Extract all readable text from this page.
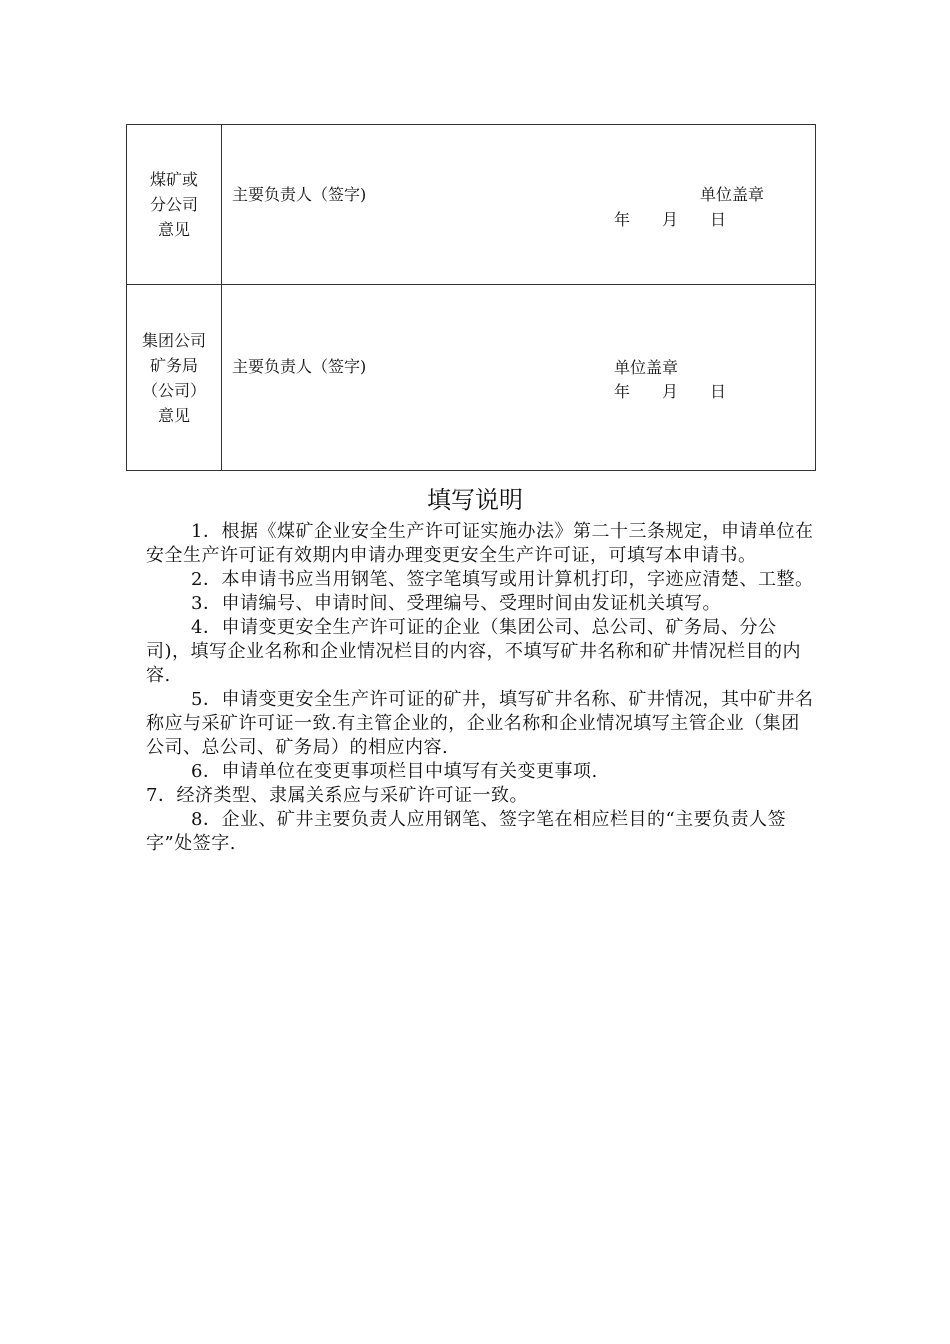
煤矿或
分公司
意见	主要负责人（签字) 单位盖章
年　　月　　日

集团公司
矿务局
（公司）
意见	主要负责人（签字) 单位盖章
年　　月　　日
填写说明

1．根据《煤矿企业安全生产许可证实施办法》第二十三条规定，申请单位在安全生产许可证有效期内申请办理变更安全生产许可证，可填写本申请书。

2．本申请书应当用钢笔、签字笔填写或用计算机打印，字迹应清楚、工整。

3．申请编号、申请时间、受理编号、受理时间由发证机关填写。

4．申请变更安全生产许可证的企业（集团公司、总公司、矿务局、分公司)，填写企业名称和企业情况栏目的内容，不填写矿井名称和矿井情况栏目的内容.

5．申请变更安全生产许可证的矿井，填写矿井名称、矿井情况，其中矿井名称应与采矿许可证一致.有主管企业的，企业名称和企业情况填写主管企业（集团公司、总公司、矿务局）的相应内容.

6．申请单位在变更事项栏目中填写有关变更事项.

7．经济类型、隶属关系应与采矿许可证一致。

8．企业、矿井主要负责人应用钢笔、签字笔在相应栏目的“主要负责人签字”处签字.
